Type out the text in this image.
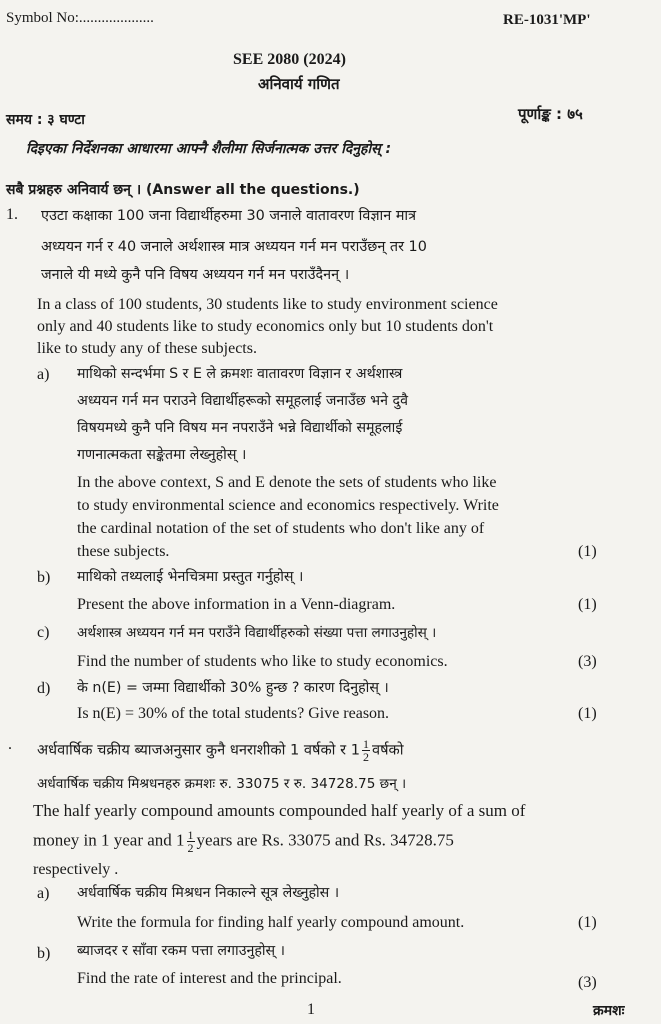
Symbol No:....................	RE-1031'MP'
SEE 2080 (2024)
अनिवार्य गणित
समय : ३ घण्टा	पूर्णाङ्क : ७५
दिइएका निर्देशनका आधारमा आफ्नै शैलीमा सिर्जनात्मक उत्तर दिनुहोस् :
सबै प्रश्नहरु अनिवार्य छन् । (Answer all the questions.)
1. एउटा कक्षाका 100 जना विद्यार्थीहरुमा 30 जनाले वातावरण विज्ञान मात्र
अध्ययन गर्न र 40 जनाले अर्थशास्त्र मात्र अध्ययन गर्न मन पराउँछन् तर 10
जनाले यी मध्ये कुनै पनि विषय अध्ययन गर्न मन पराउँदैनन् ।
In a class of 100 students, 30 students like to study environment science
only and 40 students like to study economics only but 10 students don't
like to study any of these subjects.
a) माथिको सन्दर्भमा S र E ले क्रमशः वातावरण विज्ञान र अर्थशास्त्र
अध्ययन गर्न मन पराउने विद्यार्थीहरूको समूहलाई जनाउँछ भने दुवै
विषयमध्ये कुनै पनि विषय मन नपराउँने भन्ने विद्यार्थीको समूहलाई
गणनात्मकता सङ्केतमा लेख्नुहोस् ।
In the above context, S and E denote the sets of students who like
to study environmental science and economics respectively. Write
the cardinal notation of the set of students who don't like any of
these subjects.	(1)
b) माथिको तथ्यलाई भेनचित्रमा प्रस्तुत गर्नुहोस् ।
Present the above information in a Venn-diagram.	(1)
c) अर्थशास्त्र अध्ययन गर्न मन पराउँने विद्यार्थीहरुको संख्या पत्ता लगाउनुहोस् ।
Find the number of students who like to study economics.	(3)
d) के n(E) = जम्मा विद्यार्थीको 30% हुन्छ ? कारण दिनुहोस् ।
Is n(E) = 30% of the total students? Give reason.	(1)
. अर्धवार्षिक चक्रीय ब्याजअनुसार कुनै धनराशीको 1 वर्षको र $1 \frac{1}{2}$ वर्षको
अर्धवार्षिक चक्रीय मिश्रधनहरु क्रमशः रु. 33075 र रु. 34728.75 छन् ।
The half yearly compound amounts compounded half yearly of a sum of
money in 1 year and $1 \frac{1}{2}$ years are Rs. 33075 and Rs. 34728.75
respectively .
a) अर्धवार्षिक चक्रीय मिश्रधन निकाल्ने सूत्र लेख्नुहोस ।
Write the formula for finding half yearly compound amount.	(1)
b) ब्याजदर र साँवा रकम पत्ता लगाउनुहोस् ।
Find the rate of interest and the principal.	(3)
1	क्रमशः
